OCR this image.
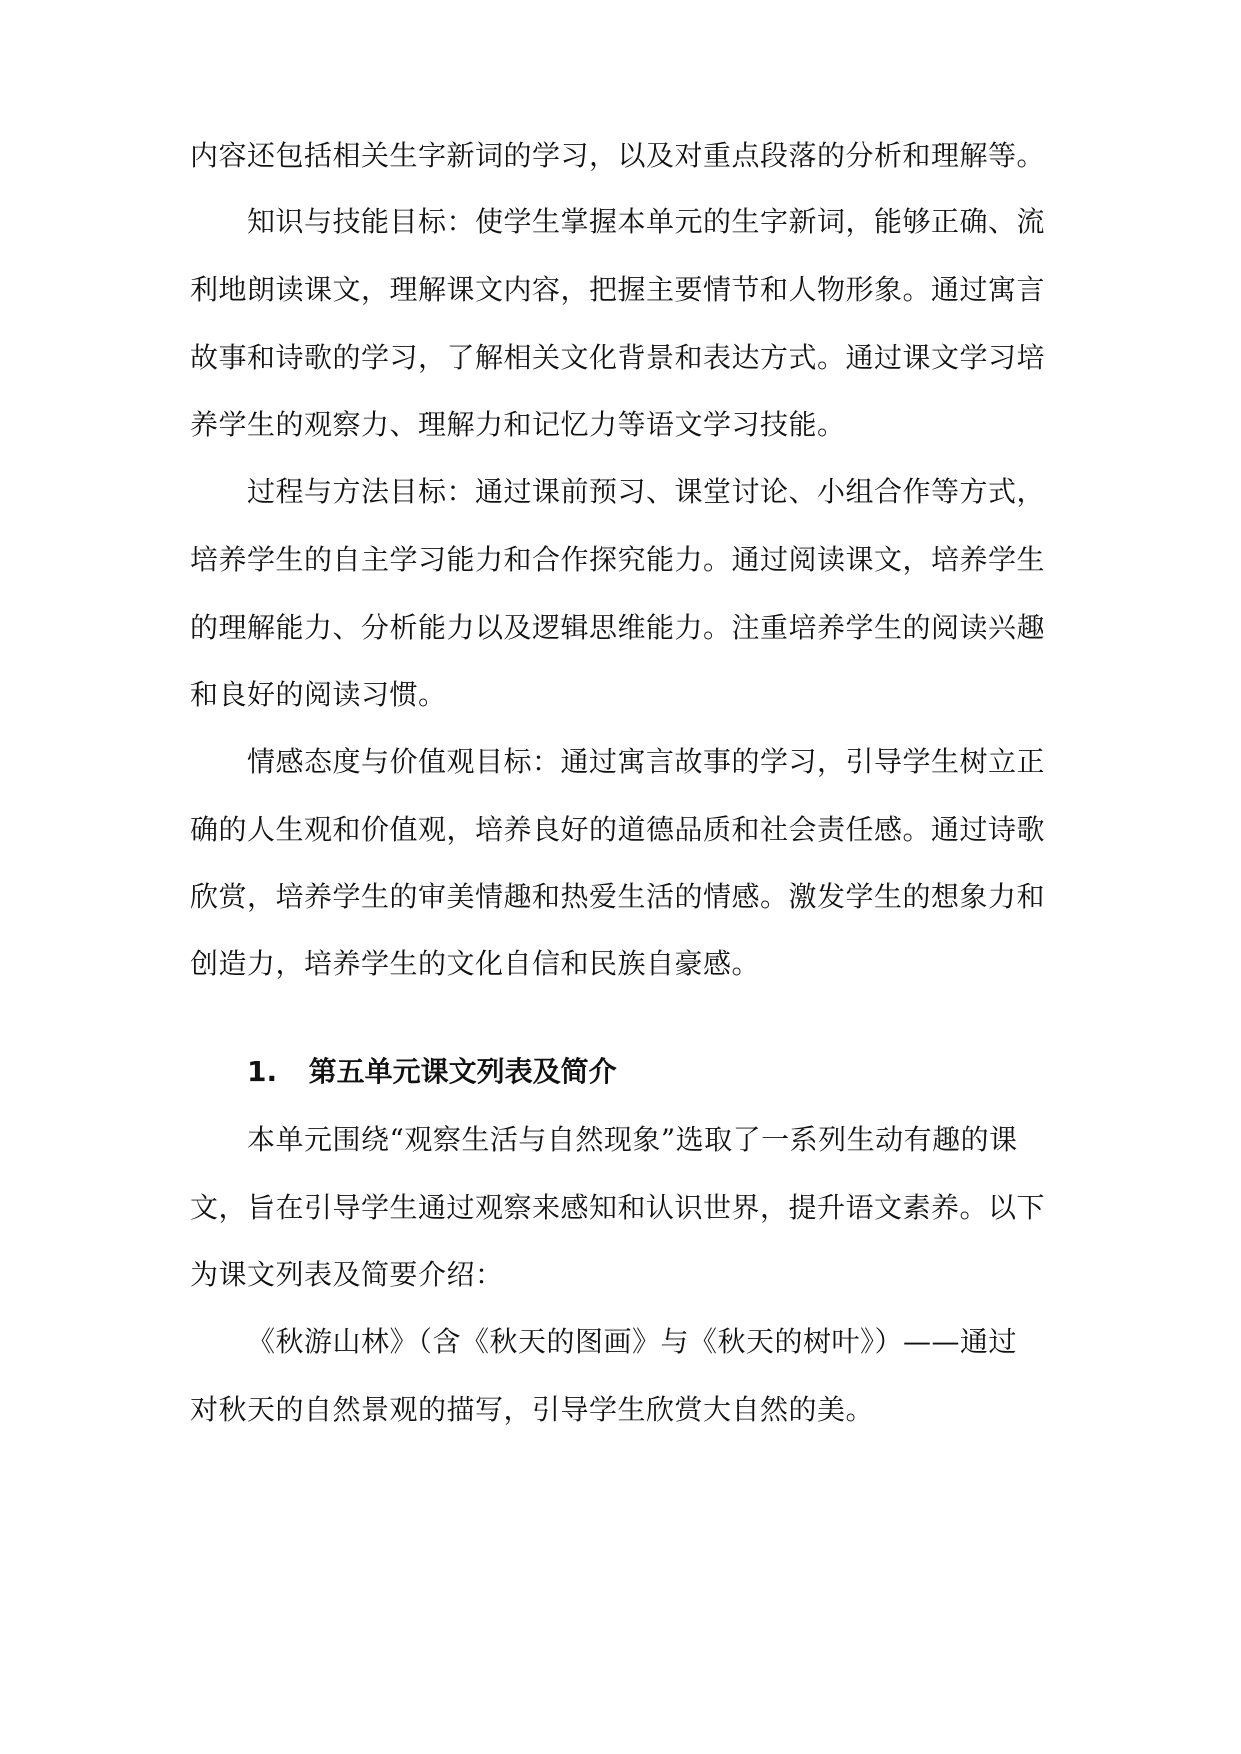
内容还包括相关生字新词的学习，以及对重点段落的分析和理解等。
知识与技能目标：使学生掌握本单元的生字新词，能够正确、流
利地朗读课文，理解课文内容，把握主要情节和人物形象。通过寓言
故事和诗歌的学习，了解相关文化背景和表达方式。通过课文学习培
养学生的观察力、理解力和记忆力等语文学习技能。
过程与方法目标：通过课前预习、课堂讨论、小组合作等方式，
培养学生的自主学习能力和合作探究能力。通过阅读课文，培养学生
的理解能力、分析能力以及逻辑思维能力。注重培养学生的阅读兴趣
和良好的阅读习惯。
情感态度与价值观目标：通过寓言故事的学习，引导学生树立正
确的人生观和价值观，培养良好的道德品质和社会责任感。通过诗歌
欣赏，培养学生的审美情趣和热爱生活的情感。激发学生的想象力和
创造力，培养学生的文化自信和民族自豪感。
1. 第五单元课文列表及简介
本单元围绕“观察生活与自然现象”选取了一系列生动有趣的课
文，旨在引导学生通过观察来感知和认识世界，提升语文素养。以下
为课文列表及简要介绍：
《秋游山林》（含《秋天的图画》与《秋天的树叶》）——通过
对秋天的自然景观的描写，引导学生欣赏大自然的美。
